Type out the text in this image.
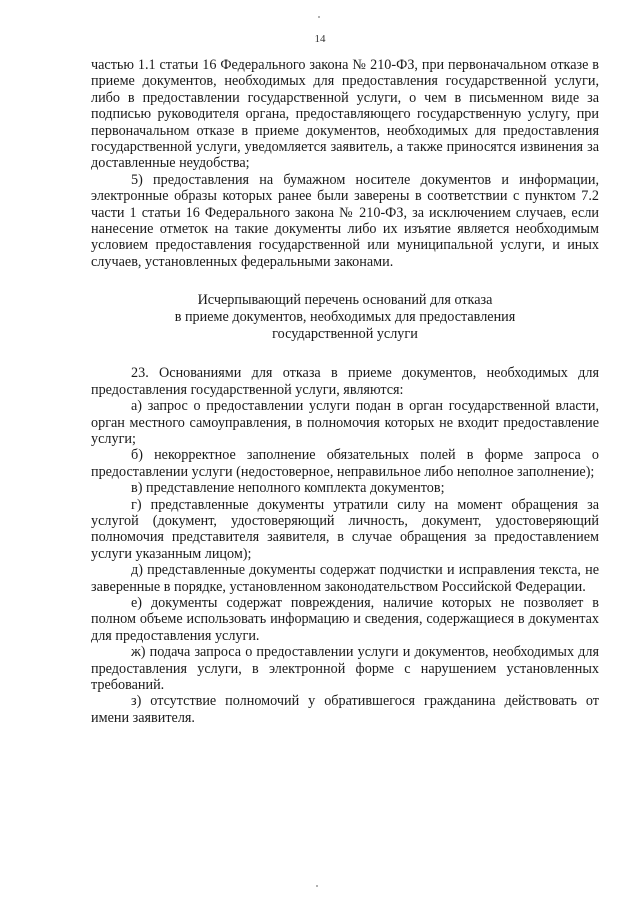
14

частью 1.1 статьи 16 Федерального закона № 210-ФЗ, при первоначальном отказе в приеме документов, необходимых для предоставления государственной услуги, либо в предоставлении государственной услуги, о чем в письменном виде за подписью руководителя органа, предоставляющего государственную услугу, при первоначальном отказе в приеме документов, необходимых для предоставления государственной услуги, уведомляется заявитель, а также приносятся извинения за доставленные неудобства;

5) предоставления на бумажном носителе документов и информации, электронные образы которых ранее были заверены в соответствии с пунктом 7.2 части 1 статьи 16 Федерального закона № 210-ФЗ, за исключением случаев, если нанесение отметок на такие документы либо их изъятие является необходимым условием предоставления государственной или муниципальной услуги, и иных случаев, установленных федеральными законами.

Исчерпывающий перечень оснований для отказа
в приеме документов, необходимых для предоставления
государственной услуги

23. Основаниями для отказа в приеме документов, необходимых для предоставления государственной услуги, являются:

а) запрос о предоставлении услуги подан в орган государственной власти, орган местного самоуправления, в полномочия которых не входит предоставление услуги;

б) некорректное заполнение обязательных полей в форме запроса о предоставлении услуги (недостоверное, неправильное либо неполное заполнение);

в) представление неполного комплекта документов;

г) представленные документы утратили силу на момент обращения за услугой (документ, удостоверяющий личность, документ, удостоверяющий полномочия представителя заявителя, в случае обращения за предоставлением услуги указанным лицом);

д) представленные документы содержат подчистки и исправления текста, не заверенные в порядке, установленном законодательством Российской Федерации.

е) документы содержат повреждения, наличие которых не позволяет в полном объеме использовать информацию и сведения, содержащиеся в документах для предоставления услуги.

ж) подача запроса о предоставлении услуги и документов, необходимых для предоставления услуги, в электронной форме с нарушением установленных требований.

з) отсутствие полномочий у обратившегося гражданина действовать от имени заявителя.
